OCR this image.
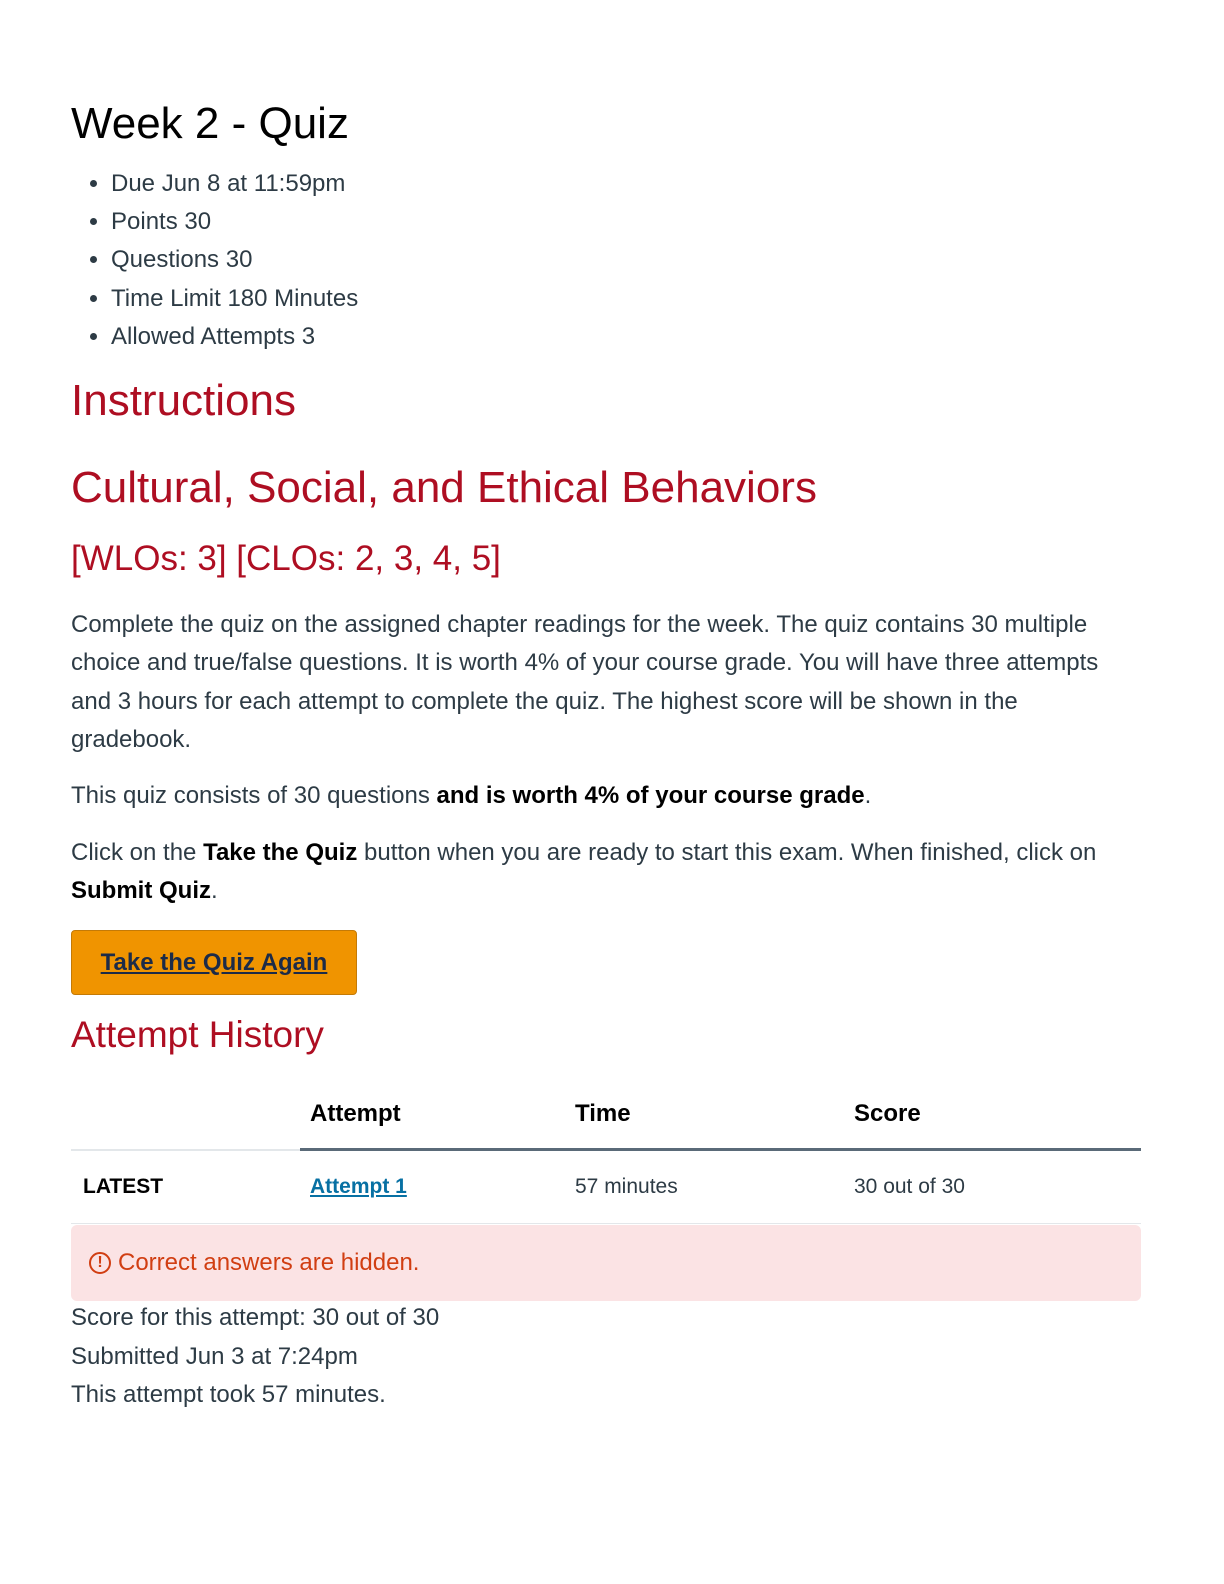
Week 2 - Quiz
• Due Jun 8 at 11:59pm
• Points 30
• Questions 30
• Time Limit 180 Minutes
• Allowed Attempts 3
Instructions
Cultural, Social, and Ethical Behaviors
[WLOs: 3] [CLOs: 2, 3, 4, 5]

Complete the quiz on the assigned chapter readings for the week. The quiz contains 30 multiple choice and true/false questions. It is worth 4% of your course grade. You will have three attempts and 3 hours for each attempt to complete the quiz. The highest score will be shown in the gradebook.

This quiz consists of 30 questions and is worth 4% of your course grade.

Click on the Take the Quiz button when you are ready to start this exam. When finished, click on Submit Quiz.

Take the Quiz Again
Attempt History
	Attempt	Time	Score
LATEST	Attempt 1	57 minutes	30 out of 30
! Correct answers are hidden.
Score for this attempt: 30 out of 30
Submitted Jun 3 at 7:24pm
This attempt took 57 minutes.
